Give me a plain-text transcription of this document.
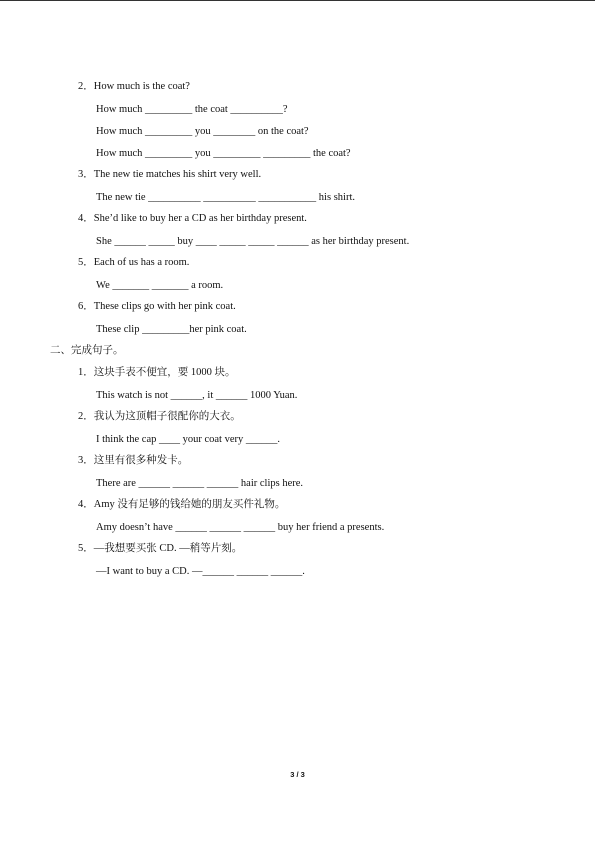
2．How much is the coat?
How much _________ the coat __________?
How much _________ you ________ on the coat?
How much _________ you _________ _________ the coat?
3．The new tie matches his shirt very well.
The new tie __________ __________ ___________ his shirt.
4．She’d like to buy her a CD as her birthday present.
She ______ _____ buy ____ _____ _____ ______ as her birthday present.
5．Each of us has a room.
We _______ _______ a room.
6．These clips go with her pink coat.
These clip _________her pink coat.
二、完成句子。
1．这块手表不便宜，要 1000 块。
This watch is not ______, it ______ 1000 Yuan.
2．我认为这顶帽子很配你的大衣。
I think the cap ____ your coat very ______.
3．这里有很多种发卡。
There are ______ ______ ______ hair clips here.
4．Amy 没有足够的钱给她的朋友买件礼物。
Amy doesn’t have ______ ______ ______ buy her friend a presents.
5．—我想要买张 CD. —稍等片刻。
—I want to buy a CD. —______ ______ ______.
3 / 3
